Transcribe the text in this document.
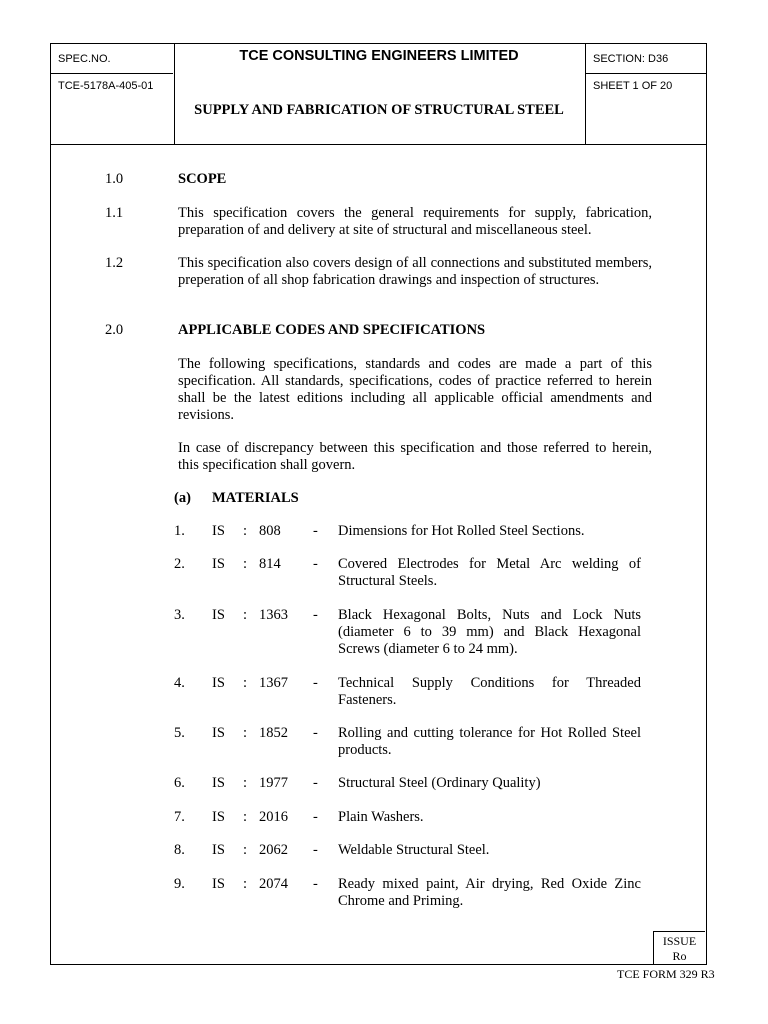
SPEC.NO.	TCE CONSULTING ENGINEERS LIMITED	SECTION: D36
TCE-5178A-405-01	SHEET 1 OF 20
SUPPLY AND FABRICATION OF STRUCTURAL STEEL
1.0	SCOPE
1.1	This specification covers the general requirements for supply, fabrication, preparation of and delivery at site of structural and miscellaneous steel.
1.2	This specification also covers design of all connections and substituted members, preperation of all shop fabrication drawings and inspection of structures.
2.0	APPLICABLE CODES AND SPECIFICATIONS
The following specifications, standards and codes are made a part of this specification. All standards, specifications, codes of practice referred to herein shall be the latest editions including all applicable official amendments and revisions.
In case of discrepancy between this specification and those referred to herein, this specification shall govern.
(a) MATERIALS
1. IS : 808 - Dimensions for Hot Rolled Steel Sections.
2. IS : 814 - Covered Electrodes for Metal Arc welding of Structural Steels.
3. IS : 1363 - Black Hexagonal Bolts, Nuts and Lock Nuts (diameter 6 to 39 mm) and Black Hexagonal Screws (diameter 6 to 24 mm).
4. IS : 1367 - Technical Supply Conditions for Threaded Fasteners.
5. IS : 1852 - Rolling and cutting tolerance for Hot Rolled Steel products.
6. IS : 1977 - Structural Steel (Ordinary Quality)
7. IS : 2016 - Plain Washers.
8. IS : 2062 - Weldable Structural Steel.
9. IS : 2074 - Ready mixed paint, Air drying, Red Oxide Zinc Chrome and Priming.
ISSUE
Ro
TCE FORM 329 R3
